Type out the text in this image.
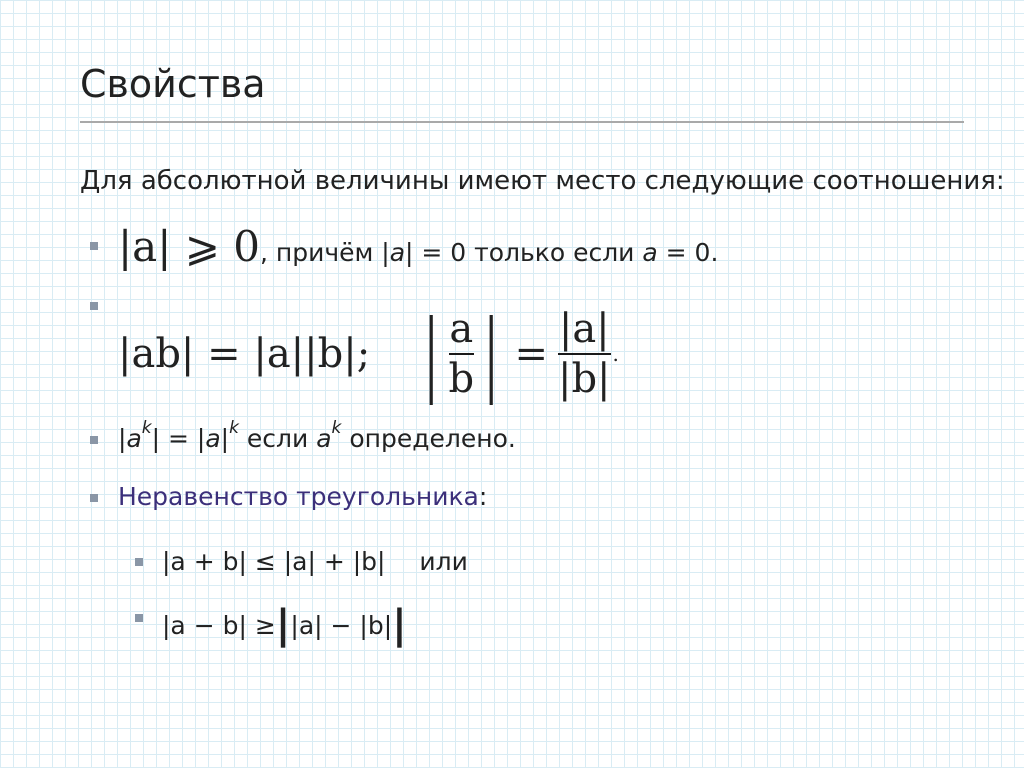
Свойства
Для абсолютной величины имеют место следующие соотношения:
|a| ⩾ 0, причём |a| = 0 только если a = 0.
|ab| = |a||b|; | $\frac{a}{b}$ | = $\frac{|a|}{|b|}$ .
$|a^k| = |a|^k$ если $a^k$ определено.
Неравенство треугольника:
|a + b| ≤ |a| + |b| или
|a − b| ≥ | |a| − |b| |
